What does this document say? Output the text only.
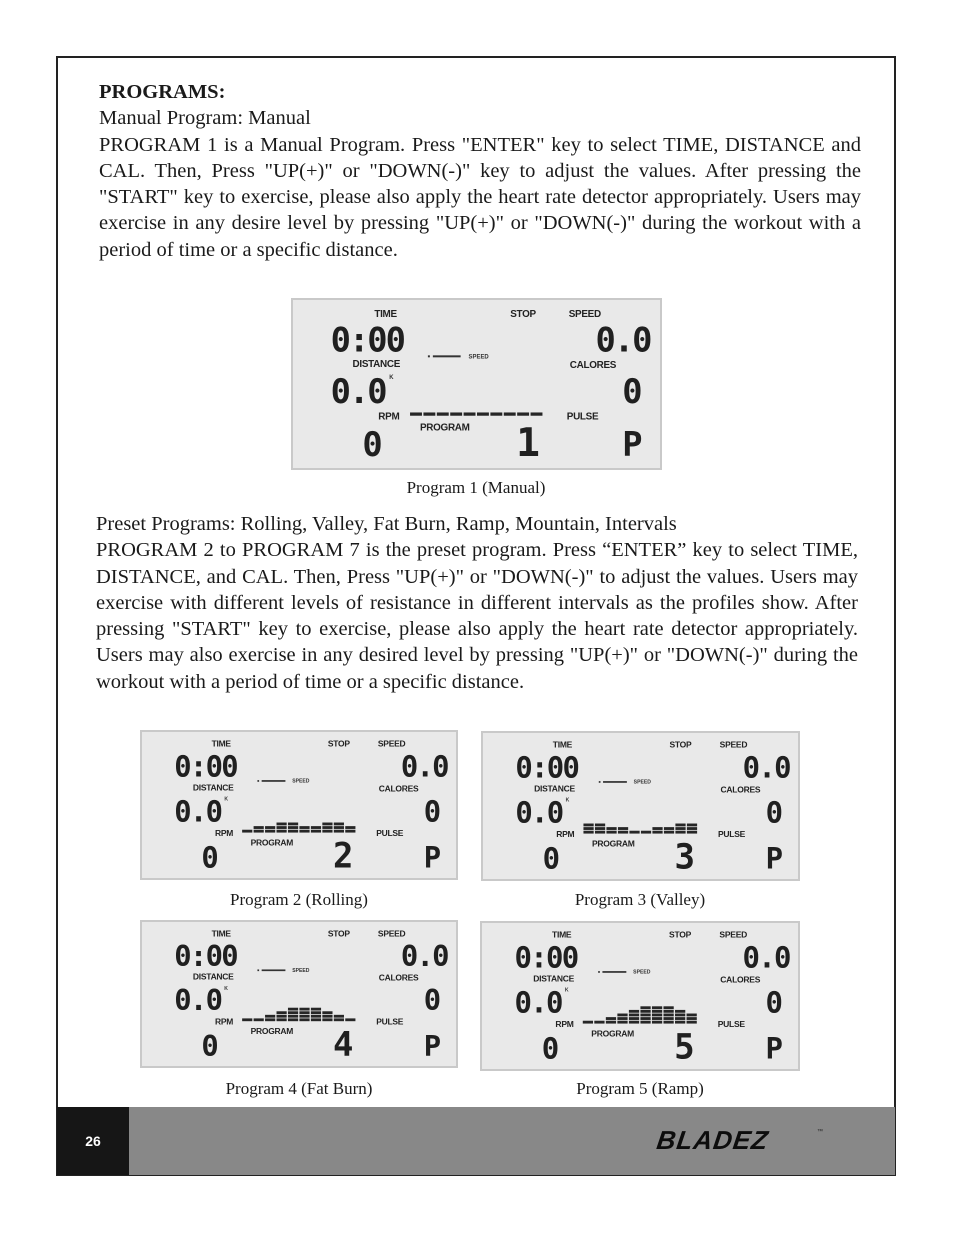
PROGRAMS:

Manual Program: Manual

PROGRAM 1 is a Manual Program. Press "ENTER" key to select TIME, DISTANCE and CAL. Then, Press "UP(+)" or "DOWN(-)" key to adjust the values. After pressing the "START" key to exercise, please also apply the heart rate detector appropriately. Users may exercise in any desire level by pressing "UP(+)" or "DOWN(-)" during the workout with a period of time or a specific distance.

TIME	STOP	SPEED
DISTANCE	CALORES
RPM	PULSE
PROGRAM
SPEED
K
0:00	0.0
0.0	0
0	P
1
Program 1 (Manual)

Preset Programs: Rolling, Valley, Fat Burn, Ramp, Mountain, Intervals

PROGRAM 2 to PROGRAM 7 is the preset program. Press “ENTER” key to select TIME, DISTANCE, and CAL. Then, Press "UP(+)" or "DOWN(-)" to adjust the values. Users may exercise with different levels of resistance in different intervals as the profiles show. After pressing "START" key to exercise, please also apply the heart rate detector appropriately. Users may also exercise in any desired level by pressing "UP(+)" or "DOWN(-)" during the workout with a period of time or a specific distance.

TIME	STOP	SPEED
DISTANCE	CALORES
RPM	PULSE
PROGRAM
SPEED
K
0:00	0.0
0.0	0
0	P
2
Program 2 (Rolling)
TIME	STOP	SPEED
DISTANCE	CALORES
RPM	PULSE
PROGRAM
SPEED
K
0:00	0.0
0.0	0
0	P
3
Program 3 (Valley)
TIME	STOP	SPEED
DISTANCE	CALORES
RPM	PULSE
PROGRAM
SPEED
K
0:00	0.0
0.0	0
0	P
4
Program 4 (Fat Burn)
TIME	STOP	SPEED
DISTANCE	CALORES
RPM	PULSE
PROGRAM
SPEED
K
0:00	0.0
0.0	0
0	P
5
Program 5 (Ramp)
26	BLADEZ	™
